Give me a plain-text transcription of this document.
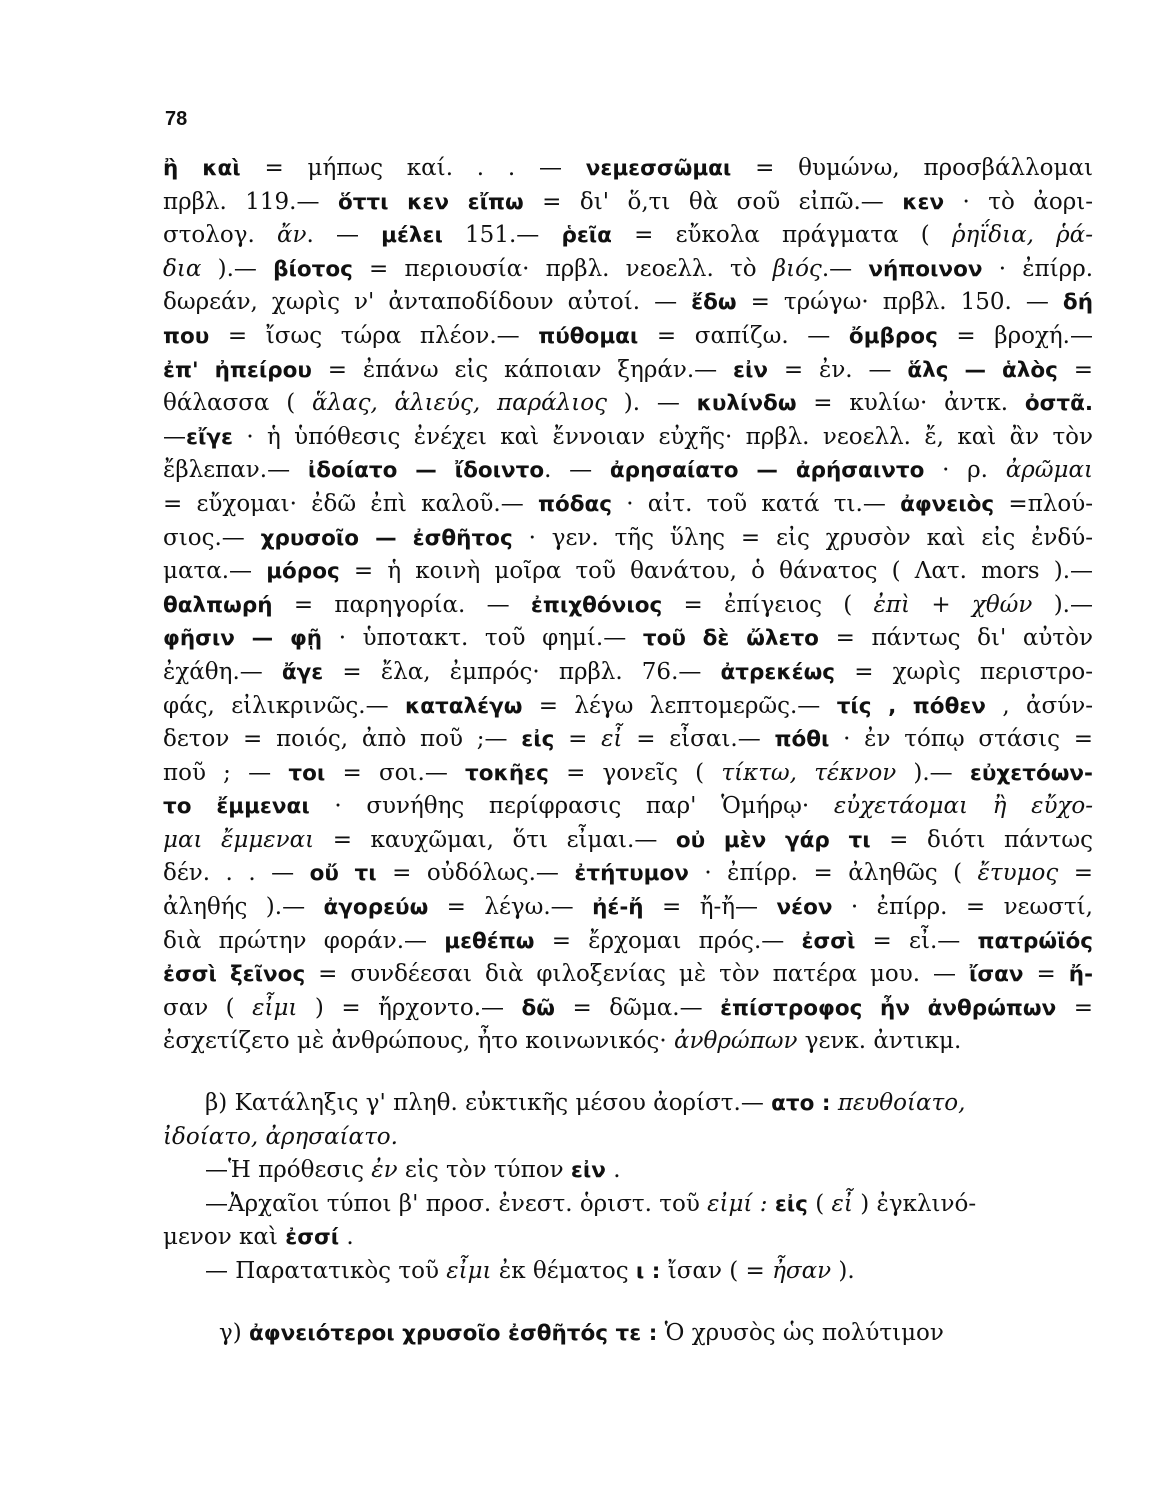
78
ἢ καὶ = μήπως καί. . . — νεμεσσῶμαι = θυμώνω, προσβάλλομαι
πρβλ. 119.— ὅττι κεν εἴπω = δι' ὅ,τι θὰ σοῦ εἰπῶ.— κεν · τὸ ἀορι-
στολογ. ἄν. — μέλει 151.— ῥεῖα = εὔκολα πράγματα ( ῥηΐδια, ῥά-
δια ).— βίοτος = περιουσία· πρβλ. νεοελλ. τὸ βιός.— νήποινον · ἐπίρρ.
δωρεάν, χωρὶς ν' ἀνταποδίδουν αὐτοί. — ἔδω = τρώγω· πρβλ. 150. — δή
που = ἴσως τώρα πλέον.— πύθομαι = σαπίζω. — ὄμβρος = βροχή.—
ἐπ' ἠπείρου = ἐπάνω εἰς κάποιαν ξηράν.— εἰν = ἐν. — ἅλς — ἁλὸς =
θάλασσα ( ἅλας, ἁλιεύς, παράλιος ). — κυλίνδω = κυλίω· ἀντκ. ὀστᾶ.
—εἴγε · ἡ ὑπόθεσις ἐνέχει καὶ ἔννοιαν εὐχῆς· πρβλ. νεοελλ. ἔ, καὶ ἂν τὸν
ἔβλεπαν.— ἰδοίατο — ἴδοιντο. — ἀρησαίατο — ἀρήσαιντο · ρ. ἀρῶμαι
= εὔχομαι· ἐδῶ ἐπὶ καλοῦ.— πόδας · αἰτ. τοῦ κατά τι.— ἀφνειὸς =πλού-
σιος.— χρυσοῖο — ἐσθῆτος · γεν. τῆς ὕλης = εἰς χρυσὸν καὶ εἰς ἐνδύ-
ματα.— μόρος = ἡ κοινὴ μοῖρα τοῦ θανάτου, ὁ θάνατος ( Λατ. mors ).—
θαλπωρή = παρηγορία. — ἐπιχθόνιος = ἐπίγειος ( ἐπὶ + χθών ).—
φῆσιν — φῇ · ὑποτακτ. τοῦ φημί.— τοῦ δὲ ὤλετο = πάντως δι' αὐτὸν
ἐχάθη.— ἄγε = ἔλα, ἐμπρός· πρβλ. 76.— ἀτρεκέως = χωρὶς περιστρο-
φάς, εἰλικρινῶς.— καταλέγω = λέγω λεπτομερῶς.— τίς , πόθεν , ἀσύν-
δετον = ποιός, ἀπὸ ποῦ ;— εἰς = εἶ = εἶσαι.— πόθι · ἐν τόπῳ στάσις =
ποῦ ; — τοι = σοι.— τοκῆες = γονεῖς ( τίκτω, τέκνον ).— εὐχετόων-
το ἔμμεναι · συνήθης περίφρασις παρ' Ὁμήρῳ· εὐχετάομαι ἢ εὔχο-
μαι ἔμμεναι = καυχῶμαι, ὅτι εἶμαι.— οὐ μὲν γάρ τι = διότι πάντως
δέν. . . — οὔ τι = οὐδόλως.— ἐτήτυμον · ἐπίρρ. = ἀληθῶς ( ἔτυμος =
ἀληθής ).— ἀγορεύω = λέγω.— ἠέ-ἤ = ἤ-ἤ— νέον · ἐπίρρ. = νεωστί,
διὰ πρώτην φοράν.— μεθέπω = ἔρχομαι πρός.— ἐσσὶ = εἶ.— πατρώϊός
ἐσσὶ ξεῖνος = συνδέεσαι διὰ φιλοξενίας μὲ τὸν πατέρα μου. — ἴσαν = ἤ-
σαν ( εἶμι ) = ἤρχοντο.— δῶ = δῶμα.— ἐπίστροφος ἦν ἀνθρώπων =
ἐσχετίζετο μὲ ἀνθρώπους, ἦτο κοινωνικός· ἀνθρώπων γενκ. ἀντικμ.
β) Κατάληξις γ' πληθ. εὐκτικῆς μέσου ἀορίστ.— ατο : πευθοίατο,
ἰδοίατο, ἀρησαίατο.
—Ἡ πρόθεσις ἐν εἰς τὸν τύπον εἰν .
—Ἀρχαῖοι τύποι β' προσ. ἐνεστ. ὁριστ. τοῦ εἰμί : εἰς ( εἶ ) ἐγκλινό-
μενον καὶ ἐσσί .
— Παρατατικὸς τοῦ εἶμι ἐκ θέματος ι : ἴσαν ( = ἦσαν ).
γ) ἀφνειότεροι χρυσοῖο ἐσθῆτός τε : Ὁ χρυσὸς ὡς πολύτιμον
